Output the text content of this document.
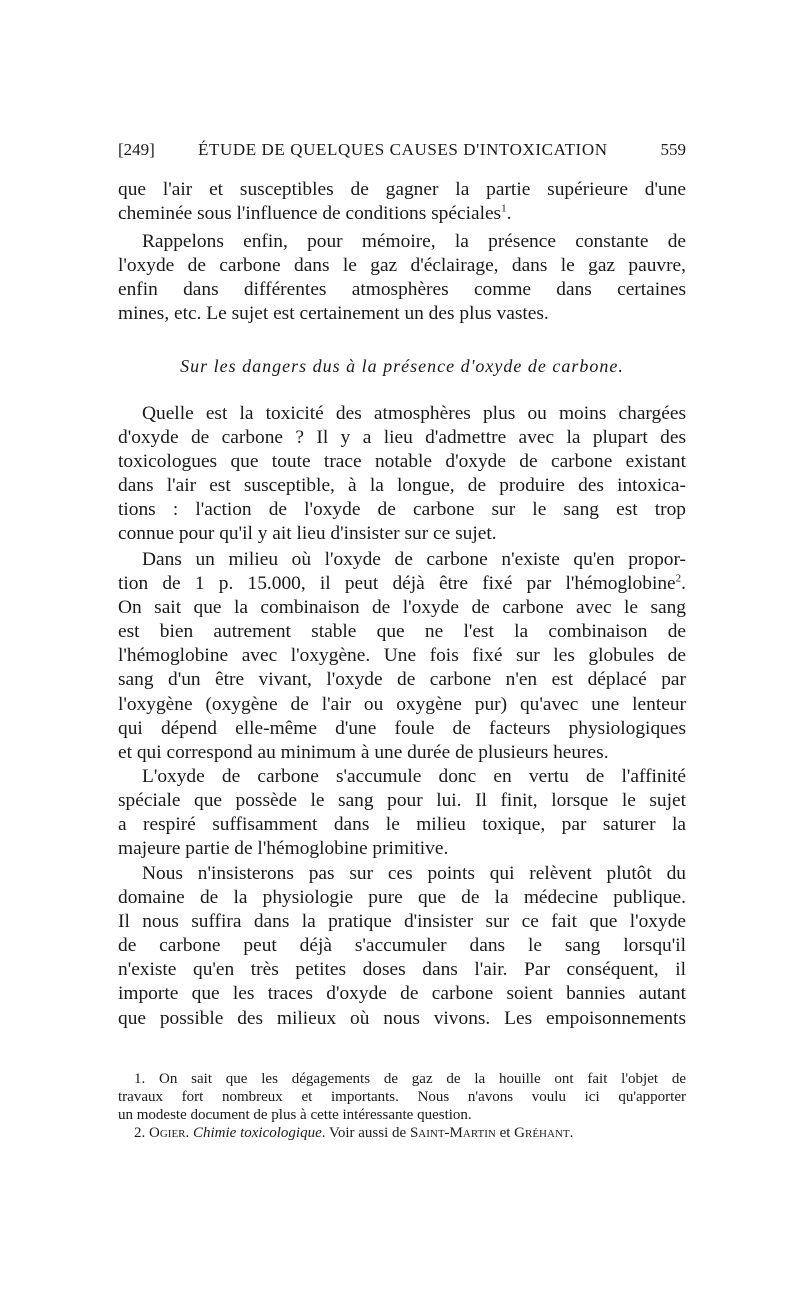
[249]	ÉTUDE DE QUELQUES CAUSES D'INTOXICATION	559
que l'air et susceptibles de gagner la partie supérieure d'une
cheminée sous l'influence de conditions spéciales$^1$.
Rappelons enfin, pour mémoire, la présence constante de
l'oxyde de carbone dans le gaz d'éclairage, dans le gaz pauvre,
enfin dans différentes atmosphères comme dans certaines
mines, etc. Le sujet est certainement un des plus vastes.
Sur les dangers dus à la présence d'oxyde de carbone.
Quelle est la toxicité des atmosphères plus ou moins chargées
d'oxyde de carbone ? Il y a lieu d'admettre avec la plupart des
toxicologues que toute trace notable d'oxyde de carbone existant
dans l'air est susceptible, à la longue, de produire des intoxica-
tions : l'action de l'oxyde de carbone sur le sang est trop
connue pour qu'il y ait lieu d'insister sur ce sujet.
Dans un milieu où l'oxyde de carbone n'existe qu'en propor-
tion de 1 p. 15.000, il peut déjà être fixé par l'hémoglobine$^2$.
On sait que la combinaison de l'oxyde de carbone avec le sang
est bien autrement stable que ne l'est la combinaison de
l'hémoglobine avec l'oxygène. Une fois fixé sur les globules de
sang d'un être vivant, l'oxyde de carbone n'en est déplacé par
l'oxygène (oxygène de l'air ou oxygène pur) qu'avec une lenteur
qui dépend elle-même d'une foule de facteurs physiologiques
et qui correspond au minimum à une durée de plusieurs heures.
L'oxyde de carbone s'accumule donc en vertu de l'affinité
spéciale que possède le sang pour lui. Il finit, lorsque le sujet
a respiré suffisamment dans le milieu toxique, par saturer la
majeure partie de l'hémoglobine primitive.
Nous n'insisterons pas sur ces points qui relèvent plutôt du
domaine de la physiologie pure que de la médecine publique.
Il nous suffira dans la pratique d'insister sur ce fait que l'oxyde
de carbone peut déjà s'accumuler dans le sang lorsqu'il
n'existe qu'en très petites doses dans l'air. Par conséquent, il
importe que les traces d'oxyde de carbone soient bannies autant
que possible des milieux où nous vivons. Les empoisonnements
1. On sait que les dégagements de gaz de la houille ont fait l'objet de
travaux fort nombreux et importants. Nous n'avons voulu ici qu'apporter
un modeste document de plus à cette intéressante question.
2. Ogier. Chimie toxicologique. Voir aussi de Saint-Martin et Gréhant.
